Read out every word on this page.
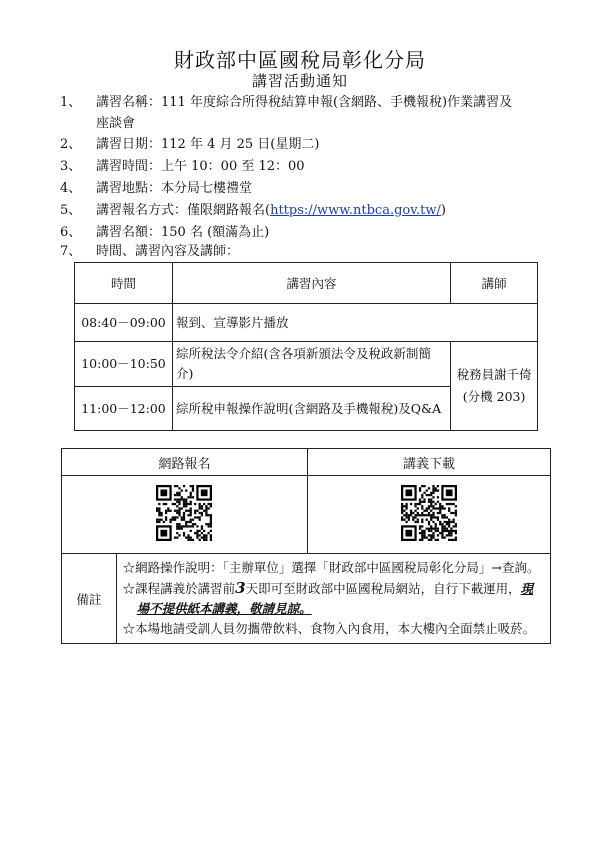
財政部中區國稅局彰化分局
講習活動通知
1、	講習名稱：111 年度綜合所得稅結算申報(含網路、手機報稅)作業講習及
座談會
2、	講習日期：112 年 4 月 25 日(星期二)
3、	講習時間：上午 10：00 至 12：00
4、	講習地點：本分局七樓禮堂
5、	講習報名方式：僅限網路報名(https://www.ntbca.gov.tw/)
6、	講習名額：150 名 (額滿為止)
7、	時間、講習內容及講師：
時間	講習內容	講師
08:40－09:00	報到、宣導影片播放	
10:00－10:50	綜所稅法令介紹(含各項新頒法令及稅政新制簡介)	稅務員謝千倚
(分機 203)

11:00－12:00	綜所稅申報操作說明(含網路及手機報稅)及Q&A	
網路報名		講義下載

備註	☆網路操作說明：「主辦單位」選擇「財政部中區國稅局彰化分局」→查詢。
☆課程講義於講習前3天即可至財政部中區國稅局網站，自行下載運用，現場不提供紙本講義，敬請見諒。
☆本場地請受訓人員勿攜帶飲料、食物入內食用，本大樓內全面禁止吸菸。	
